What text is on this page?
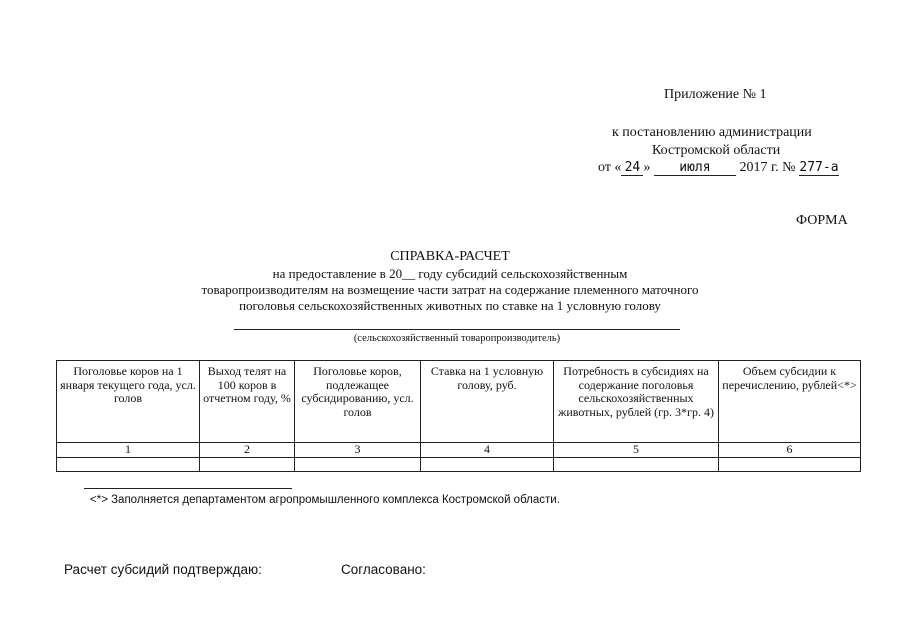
Приложение № 1
к постановлению администрации
Костромской области
от « 24 » июля 2017 г. № 277-а
ФОРМА
СПРАВКА-РАСЧЕТ
на предоставление в 20__ году субсидий сельскохозяйственным
товаропроизводителям на возмещение части затрат на содержание племенного маточного
поголовья сельскохозяйственных животных по ставке на 1 условную голову
(сельскохозяйственный товаропроизводитель)
Поголовье коров на 1 января текущего года, усл. голов	Выход телят на 100 коров в отчетном году, %	Поголовье коров, подлежащее субсидированию, усл. голов	Ставка на 1 условную голову, руб.	Потребность в субсидиях на содержание поголовья сельскохозяйственных животных, рублей (гр. 3*гр. 4)	Объем субсидии к перечислению, рублей<*>
1	2	3	4	5	6

<*> Заполняется департаментом агропромышленного комплекса Костромской области.
Расчет субсидий подтверждаю:	Согласовано:
